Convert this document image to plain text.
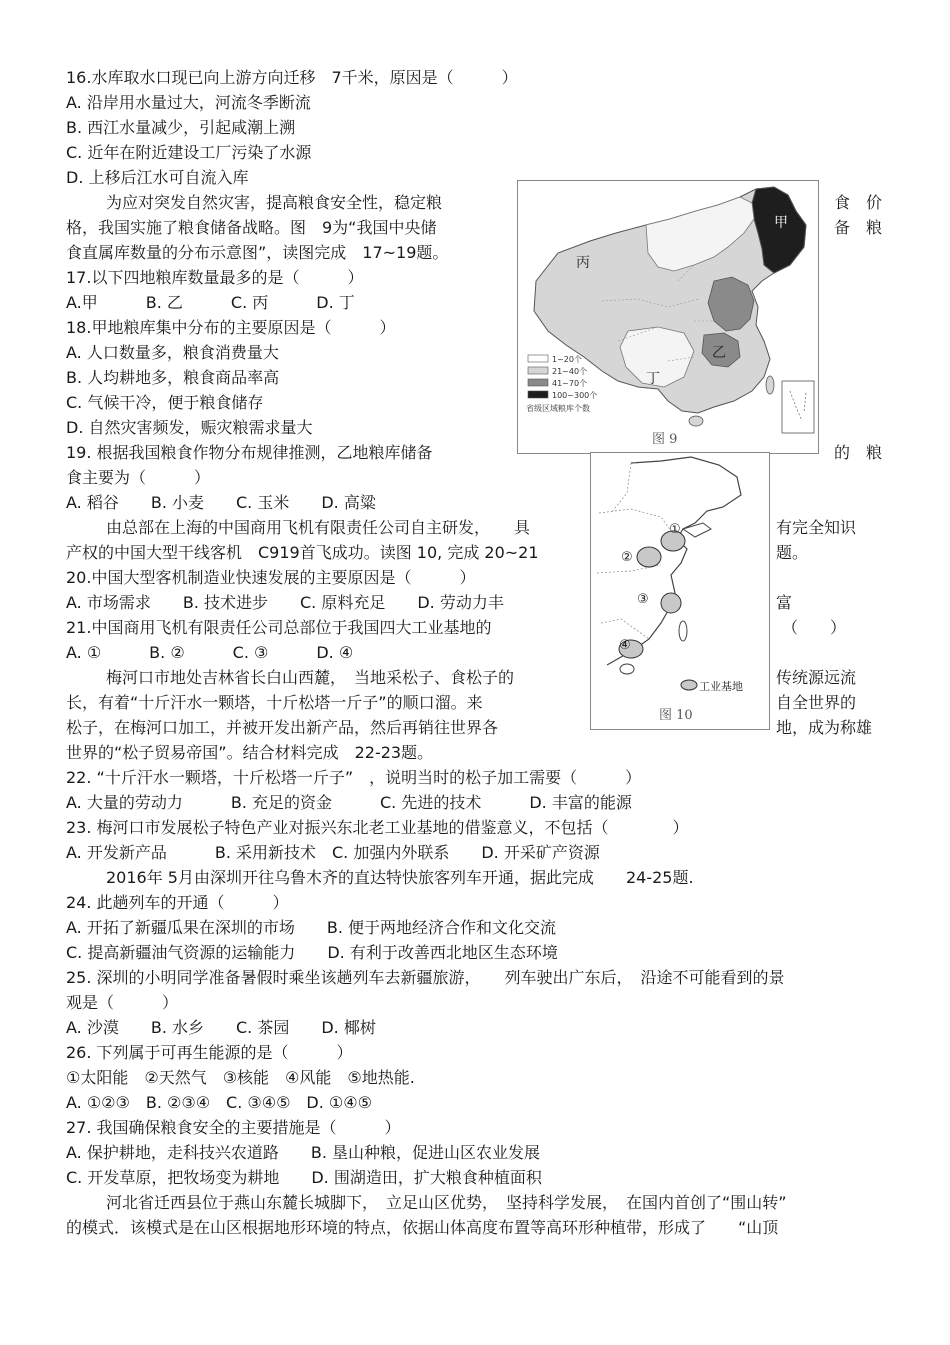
16.水库取水口现已向上游方向迁移　7千米，原因是（　　　）
A. 沿岸用水量过大，河流冬季断流
B. 西江水量减少，引起咸潮上溯
C. 近年在附近建设工厂污染了水源
D. 上移后江水可自流入库
为应对突发自然灾害，提高粮食安全性，稳定粮
格，我国实施了粮食储备战略。图　9为“我国中央储
食直属库数量的分布示意图”，读图完成　17~19题。
17.以下四地粮库数量最多的是（　　　）
A.甲　　　B. 乙　　　C. 丙　　　D. 丁
18.甲地粮库集中分布的主要原因是（　　　）
A. 人口数量多，粮食消费量大
B. 人均耕地多，粮食商品率高
C. 气候干冷，便于粮食储存
D. 自然灾害频发，赈灾粮需求量大
19. 根据我国粮食作物分布规律推测，乙地粮库储备
食主要为（　　　）
A. 稻谷　　B. 小麦　　C. 玉米　　D. 高粱
由总部在上海的中国商用飞机有限责任公司自主研发，　　具
产权的中国大型干线客机　C919首飞成功。读图 10, 完成 20~21
20.中国大型客机制造业快速发展的主要原因是（　　　）
A. 市场需求　　B. 技术进步　　C. 原料充足　　D. 劳动力丰
21.中国商用飞机有限责任公司总部位于我国四大工业基地的
A. ①　　　B. ②　　　C. ③　　　D. ④
梅河口市地处吉林省长白山西麓，　当地采松子、食松子的
长，有着“十斤汗水一颗塔，十斤松塔一斤子”的顺口溜。来
松子，在梅河口加工，并被开发出新产品，然后再销往世界各
世界的“松子贸易帝国”。结合材料完成　22-23题。
22. “十斤汗水一颗塔，十斤松塔一斤子”　，说明当时的松子加工需要（　　　）
A. 大量的劳动力　　　B. 充足的资金　　　C. 先进的技术　　　D. 丰富的能源
23. 梅河口市发展松子特色产业对振兴东北老工业基地的借鉴意义，不包括（　　　　）
A. 开发新产品　　　B. 采用新技术　C. 加强内外联系　　D. 开采矿产资源
2016年 5月由深圳开往乌鲁木齐的直达特快旅客列车开通，据此完成　　24-25题.
24. 此趟列车的开通（　　　）
A. 开拓了新疆瓜果在深圳的市场　　B. 便于两地经济合作和文化交流
C. 提高新疆油气资源的运输能力　　D. 有利于改善西北地区生态环境
25. 深圳的小明同学准备暑假时乘坐该趟列车去新疆旅游，　　列车驶出广东后，　沿途不可能看到的景
观是（　　　）
A. 沙漠　　B. 水乡　　C. 茶园　　D. 椰树
26. 下列属于可再生能源的是（　　　）
①太阳能　②天然气　③核能　④风能　⑤地热能.
A. ①②③　B. ②③④　C. ③④⑤　D. ①④⑤
27. 我国确保粮食安全的主要措施是（　　　）
A. 保护耕地，走科技兴农道路　　B. 垦山种粮，促进山区农业发展
C. 开发草原，把牧场变为耕地　　D. 围湖造田，扩大粮食种植面积
河北省迁西县位于燕山东麓长城脚下，　立足山区优势，　坚持科学发展，　在国内首创了“围山转”
的模式．该模式是在山区根据地形环境的特点，依据山体高度布置等高环形种植带，形成了　　“山顶
食　价
备　粮
的　粮
有完全知识
题。
富
（　　）
传统源远流
自全世界的
地，成为称雄
甲
丙
乙
丁
1~20个
21~40个
41~70个
100~300个
省级区域粮库个数
图 9
①
②
③
④
工业基地
图 10
